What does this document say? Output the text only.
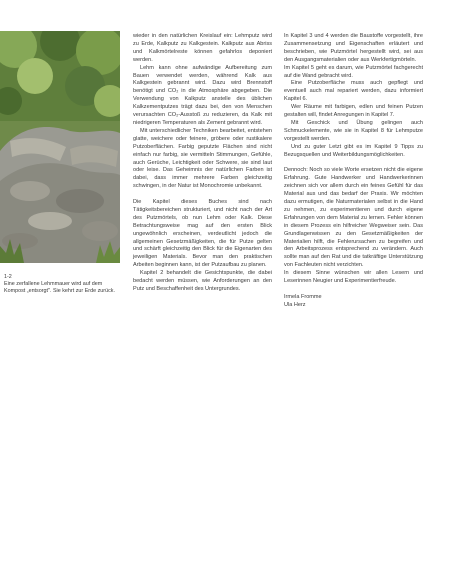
1-2
Eine zerfallene Lehmmauer wird auf dem Kompost „entsorgt". Sie kehrt zur Erde zurück.

wieder in den natürlichen Kreislauf ein: Lehmputz wird zu Erde, Kalkputz zu Kalkgestein. Kalkputz aus Abriss und Kalkmörtelreste können gefahrlos deponiert werden.

Lehm kann ohne aufwändige Aufbereitung zum Bauen verwendet werden, während Kalk aus Kalkgestein gebrannt wird. Dazu wird Brennstoff benötigt und CO₂ in die Atmosphäre abgegeben. Die Verwendung von Kalkputz anstelle des üblichen Kalkzementputzes trägt dazu bei, den von Menschen verursachten CO₂-Ausstoß zu reduzieren, da Kalk mit niedrigeren Temperaturen als Zement gebrannt wird.

Mit unterschiedlicher Techniken bearbeitet, entstehen glatte, weichere oder feinere, gröbere oder rustikalere Putzoberflächen. Farbig geputzte Flächen sind nicht einfach nur farbig, sie vermitteln Stimmungen, Gefühle, auch Gerüche, Leichtigkeit oder Schwere, sie sind laut oder leise. Das Geheimnis der natürlichen Farben ist dabei, dass immer mehrere Farben gleichzeitig schwingen, in der Natur ist Monochromie unbekannt.

Die Kapitel dieses Buches sind nach Tätigkeitsbereichen strukturiert, und nicht nach der Art des Putzmörtels, ob nun Lehm oder Kalk. Diese Betrachtungsweise mag auf den ersten Blick ungewöhnlich erscheinen, verdeutlicht jedoch die allgemeinen Gesetzmäßigkeiten, die für Putze gelten und schärft gleichzeitig den Blick für die Eigenarten des jeweiligen Materials. Bevor man den praktischen Arbeiten beginnen kann, ist der Putzaufbau zu planen.

Kapitel 2 behandelt die Gesichtspunkte, die dabei bedacht werden müssen, wie Anforderungen an den Putz und Beschaffenheit des Untergrundes.

In Kapitel 3 und 4 werden die Baustoffe vorgestellt, ihre Zusammensetzung und Eigenschaften erläutert und beschrieben, wie Putzmörtel hergestellt wird, sei aus den Ausgangsmaterialien oder aus Werkfertigmörteln.

Im Kapitel 5 geht es darum, wie Putzmörtel fachgerecht auf die Wand gebracht wird.

Eine Putzoberfläche muss auch gepflegt und eventuell auch mal repariert werden, dazu informiert Kapitel 6.

Wer Räume mit farbigen, edlen und feinen Putzen gestalten will, findet Anregungen in Kapitel 7.

Mit Geschick und Übung gelingen auch Schmuckelemente, wie sie in Kapitel 8 für Lehmputze vorgestellt werden.

Und zu guter Letzt gibt es im Kapitel 9 Tipps zu Bezugsquellen und Weiterbildungsmöglichkeiten.

Dennoch: Noch so viele Worte ersetzen nicht die eigene Erfahrung. Gute Handwerker und Handwerkerinnen zeichnen sich vor allem durch ein feines Gefühl für das Material aus und das bedarf der Praxis. Wir möchten dazu ermutigen, die Naturmaterialen selbst in die Hand zu nehmen, zu experimentieren und durch eigene Erfahrungen von dem Material zu lernen. Fehler können in diesem Prozess ein hilfreicher Wegweiser sein. Das Grundlagenwissen zu den Gesetzmäßigkeiten der Materialien hilft, die Fehlerursachen zu begreifen und den Arbeitsprozess entsprechend zu verändern. Auch sollte man auf den Rat und die tatkräftige Unterstützung von Fachleuten nicht verzichten.

In diesem Sinne wünschen wir allen Lesern und Leserinnen Neugier und Experimentierfreude.

Irmela Fromme
Ula Herz
